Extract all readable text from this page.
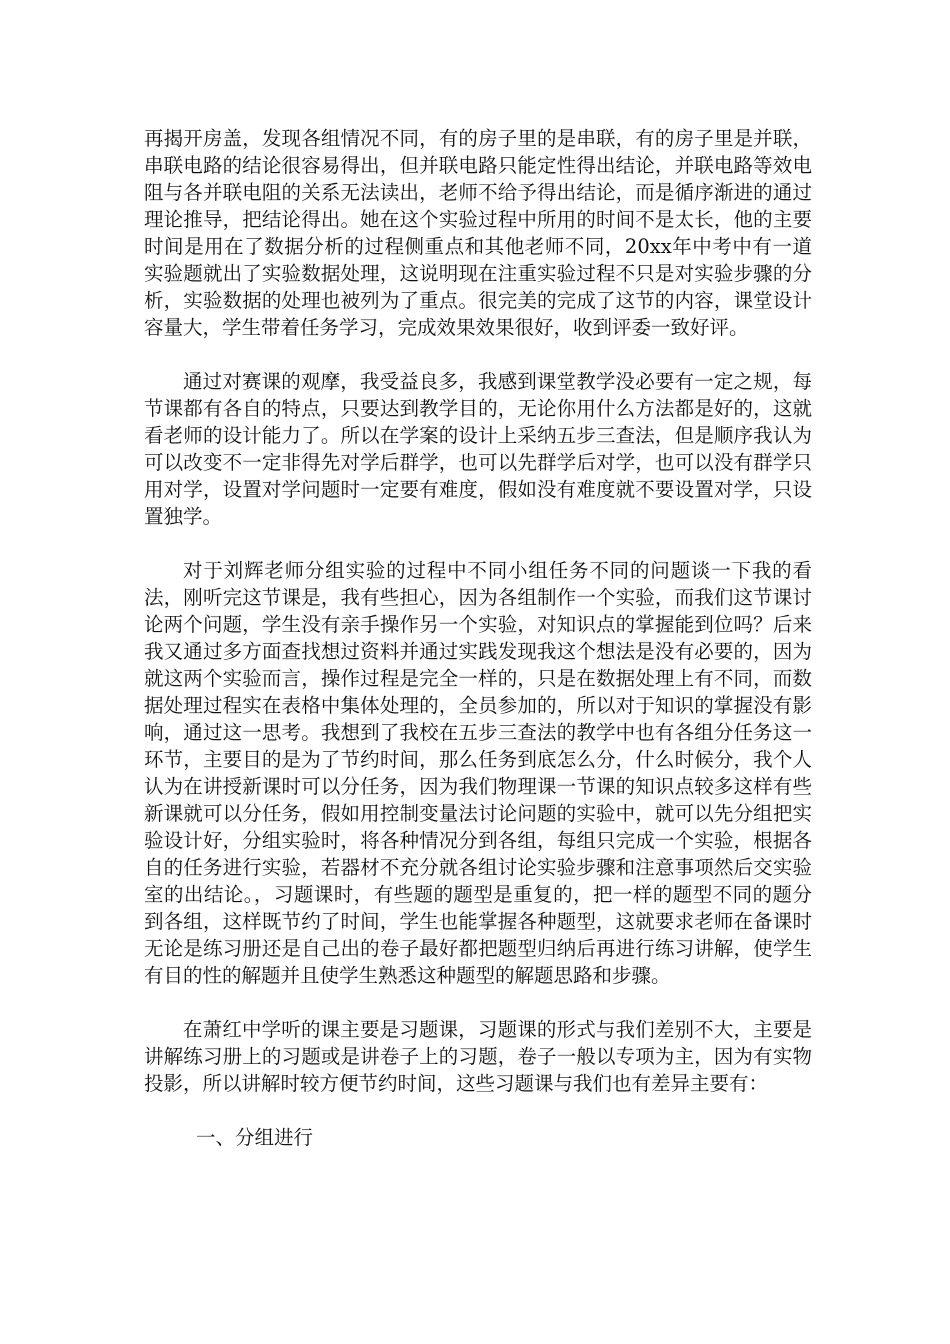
再揭开房盖，发现各组情况不同，有的房子里的是串联，有的房子里是并联，串联电路的结论很容易得出，但并联电路只能定性得出结论，并联电路等效电阻与各并联电阻的关系无法读出，老师不给予得出结论，而是循序渐进的通过理论推导，把结论得出。她在这个实验过程中所用的时间不是太长，他的主要时间是用在了数据分析的过程侧重点和其他老师不同，20xx年中考中有一道实验题就出了实验数据处理，这说明现在注重实验过程不只是对实验步骤的分析，实验数据的处理也被列为了重点。很完美的完成了这节的内容，课堂设计容量大，学生带着任务学习，完成效果效果很好，收到评委一致好评。

通过对赛课的观摩，我受益良多，我感到课堂教学没必要有一定之规，每节课都有各自的特点，只要达到教学目的，无论你用什么方法都是好的，这就看老师的设计能力了。所以在学案的设计上采纳五步三查法，但是顺序我认为可以改变不一定非得先对学后群学，也可以先群学后对学，也可以没有群学只用对学，设置对学问题时一定要有难度，假如没有难度就不要设置对学，只设置独学。

对于刘辉老师分组实验的过程中不同小组任务不同的问题谈一下我的看法，刚听完这节课是，我有些担心，因为各组制作一个实验，而我们这节课讨论两个问题，学生没有亲手操作另一个实验，对知识点的掌握能到位吗？后来我又通过多方面查找想过资料并通过实践发现我这个想法是没有必要的，因为就这两个实验而言，操作过程是完全一样的，只是在数据处理上有不同，而数据处理过程实在表格中集体处理的，全员参加的，所以对于知识的掌握没有影响，通过这一思考。我想到了我校在五步三查法的教学中也有各组分任务这一环节，主要目的是为了节约时间，那么任务到底怎么分，什么时候分，我个人认为在讲授新课时可以分任务，因为我们物理课一节课的知识点较多这样有些新课就可以分任务，假如用控制变量法讨论问题的实验中，就可以先分组把实验设计好，分组实验时，将各种情况分到各组，每组只完成一个实验，根据各自的任务进行实验，若器材不充分就各组讨论实验步骤和注意事项然后交实验室的出结论。，习题课时，有些题的题型是重复的，把一样的题型不同的题分到各组，这样既节约了时间，学生也能掌握各种题型，这就要求老师在备课时无论是练习册还是自己出的卷子最好都把题型归纳后再进行练习讲解，使学生有目的性的解题并且使学生熟悉这种题型的解题思路和步骤。

在萧红中学听的课主要是习题课，习题课的形式与我们差别不大，主要是讲解练习册上的习题或是讲卷子上的习题，卷子一般以专项为主，因为有实物投影，所以讲解时较方便节约时间，这些习题课与我们也有差异主要有：

一、分组进行
